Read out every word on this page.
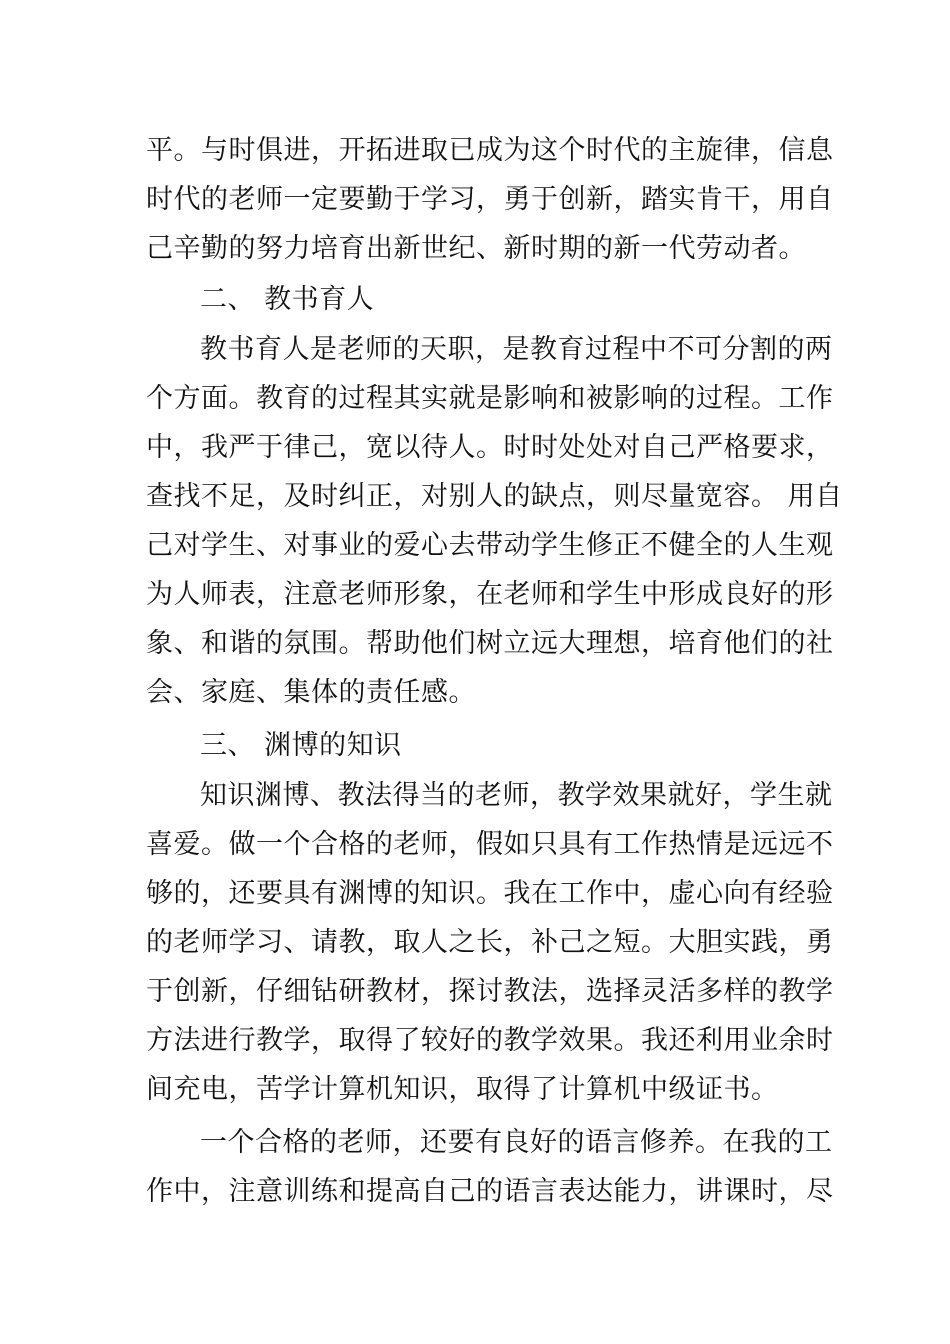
平。与时俱进，开拓进取已成为这个时代的主旋律，信息
时代的老师一定要勤于学习，勇于创新，踏实肯干，用自
己辛勤的努力培育出新世纪、新时期的新一代劳动者。
二、 教书育人
教书育人是老师的天职，是教育过程中不可分割的两
个方面。教育的过程其实就是影响和被影响的过程。工作
中，我严于律己，宽以待人。时时处处对自己严格要求，
查找不足，及时纠正，对别人的缺点，则尽量宽容。 用自
己对学生、对事业的爱心去带动学生修正不健全的人生观
为人师表，注意老师形象，在老师和学生中形成良好的形
象、和谐的氛围。帮助他们树立远大理想，培育他们的社
会、家庭、集体的责任感。
三、 渊博的知识
知识渊博、教法得当的老师，教学效果就好，学生就
喜爱。做一个合格的老师，假如只具有工作热情是远远不
够的，还要具有渊博的知识。我在工作中，虚心向有经验
的老师学习、请教，取人之长，补己之短。大胆实践，勇
于创新，仔细钻研教材，探讨教法，选择灵活多样的教学
方法进行教学，取得了较好的教学效果。我还利用业余时
间充电，苦学计算机知识，取得了计算机中级证书。
一个合格的老师，还要有良好的语言修养。在我的工
作中，注意训练和提高自己的语言表达能力，讲课时，尽
